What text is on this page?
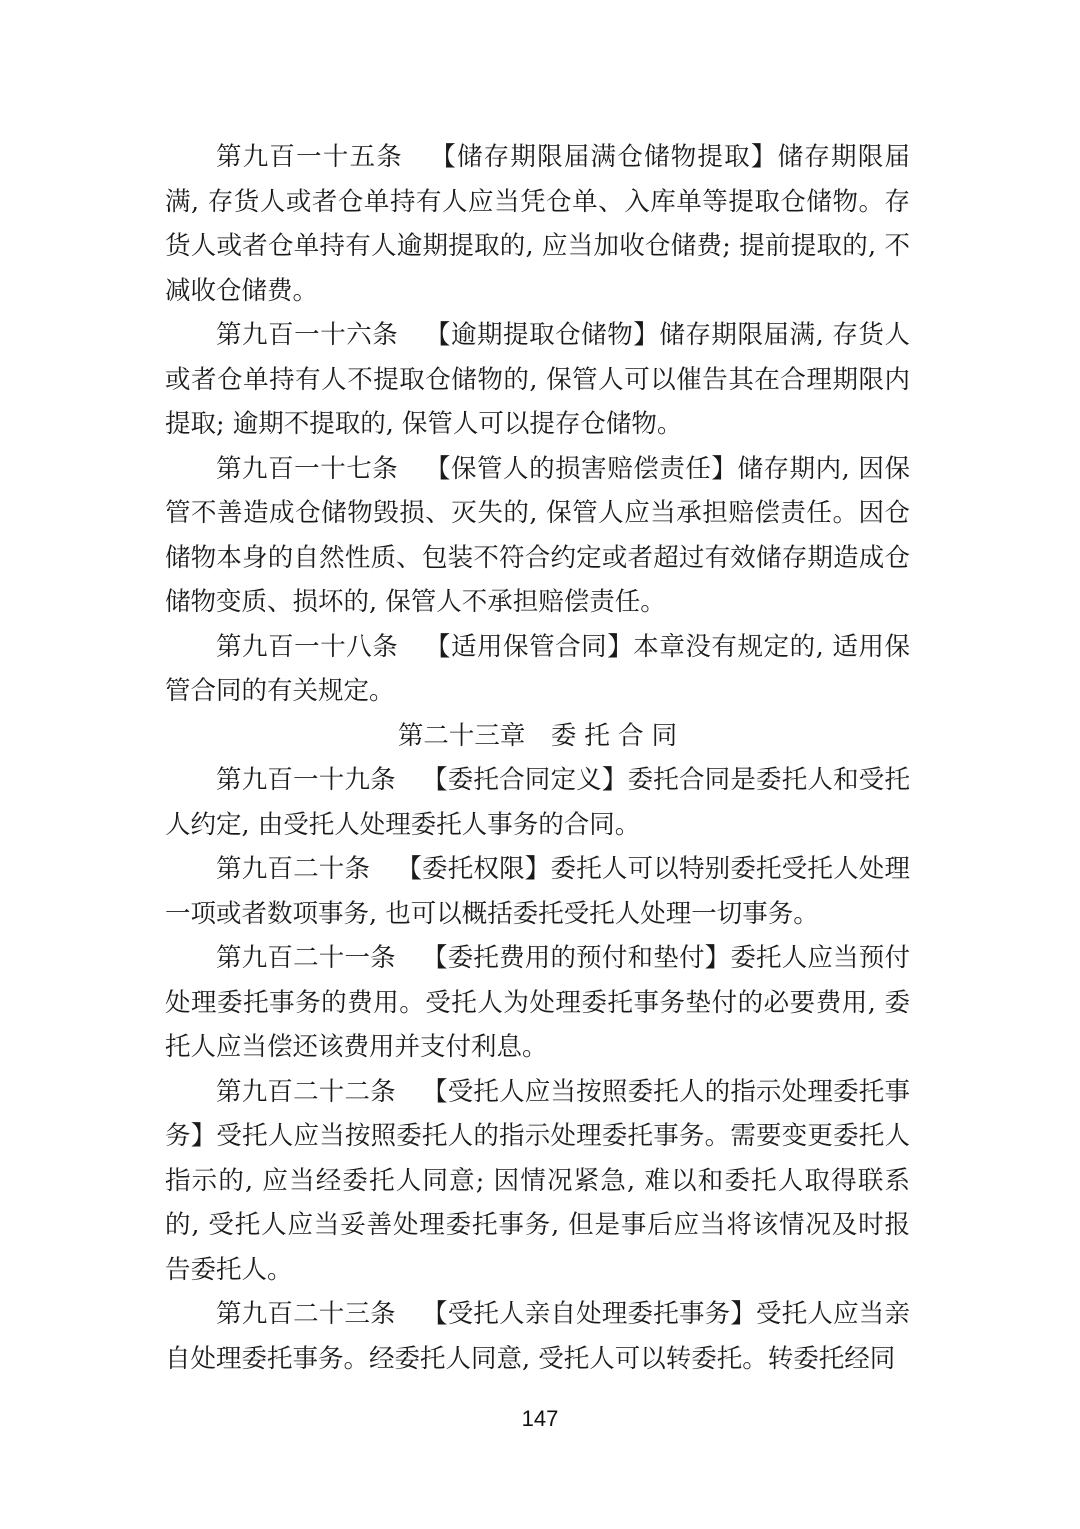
第九百一十五条 【储存期限届满仓储物提取】储存期限届满, 存货人或者仓单持有人应当凭仓单、入库单等提取仓储物。存货人或者仓单持有人逾期提取的, 应当加收仓储费; 提前提取的, 不减收仓储费。

第九百一十六条 【逾期提取仓储物】储存期限届满, 存货人或者仓单持有人不提取仓储物的, 保管人可以催告其在合理期限内提取; 逾期不提取的, 保管人可以提存仓储物。

第九百一十七条 【保管人的损害赔偿责任】储存期内, 因保管不善造成仓储物毁损、灭失的, 保管人应当承担赔偿责任。因仓储物本身的自然性质、包装不符合约定或者超过有效储存期造成仓储物变质、损坏的, 保管人不承担赔偿责任。

第九百一十八条 【适用保管合同】本章没有规定的, 适用保管合同的有关规定。

第二十三章　委 托 合 同

第九百一十九条 【委托合同定义】委托合同是委托人和受托人约定, 由受托人处理委托人事务的合同。

第九百二十条 【委托权限】委托人可以特别委托受托人处理一项或者数项事务, 也可以概括委托受托人处理一切事务。

第九百二十一条 【委托费用的预付和垫付】委托人应当预付处理委托事务的费用。受托人为处理委托事务垫付的必要费用, 委托人应当偿还该费用并支付利息。

第九百二十二条 【受托人应当按照委托人的指示处理委托事务】受托人应当按照委托人的指示处理委托事务。需要变更委托人指示的, 应当经委托人同意; 因情况紧急, 难以和委托人取得联系的, 受托人应当妥善处理委托事务, 但是事后应当将该情况及时报告委托人。

第九百二十三条 【受托人亲自处理委托事务】受托人应当亲自处理委托事务。经委托人同意, 受托人可以转委托。转委托经同

147
